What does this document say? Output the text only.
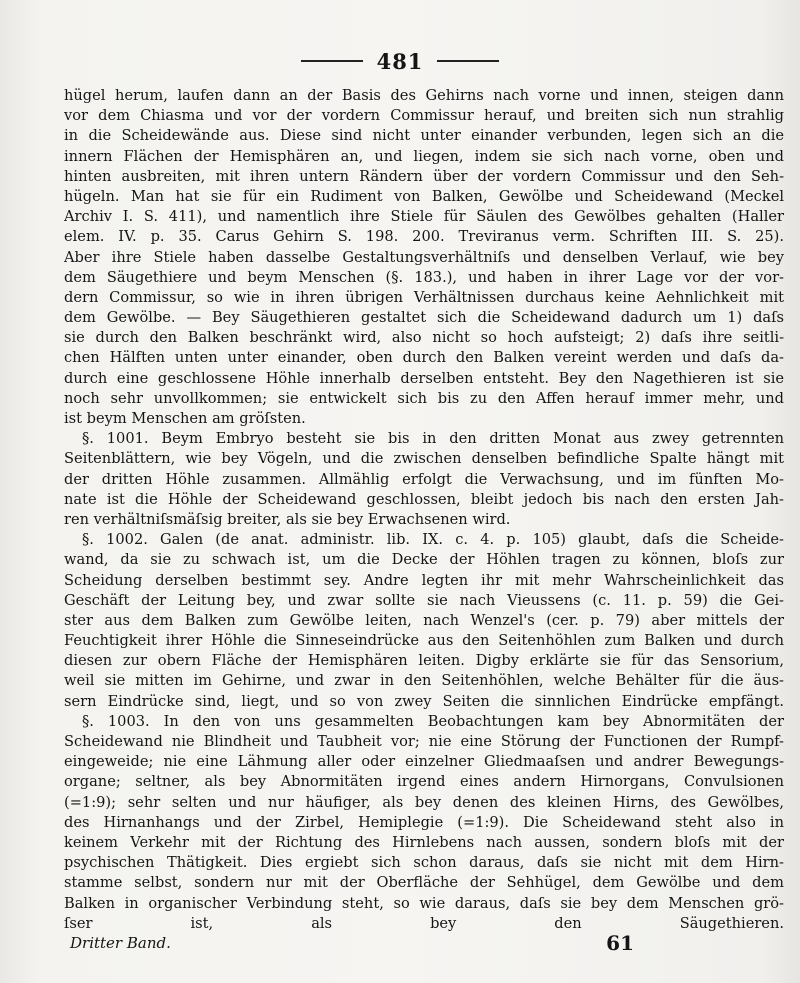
481
hügel herum, laufen dann an der Basis des Gehirns nach vorne und innen, steigen dann
vor dem Chiasma und vor der vordern Commissur herauf, und breiten sich nun strahlig
in die Scheidewände aus. Diese sind nicht unter einander verbunden, legen sich an die
innern Flächen der Hemisphären an, und liegen, indem sie sich nach vorne, oben und
hinten ausbreiten, mit ihren untern Rändern über der vordern Commissur und den Seh-
hügeln. Man hat sie für ein Rudiment von Balken, Gewölbe und Scheidewand (Meckel
Archiv I. S. 411), und namentlich ihre Stiele für Säulen des Gewölbes gehalten (Haller
elem. IV. p. 35. Carus Gehirn S. 198. 200. Treviranus verm. Schriften III. S. 25).
Aber ihre Stiele haben dasselbe Gestaltungsverhältniſs und denselben Verlauf, wie bey
dem Säugethiere und beym Menschen (§. 183.), und haben in ihrer Lage vor der vor-
dern Commissur, so wie in ihren übrigen Verhältnissen durchaus keine Aehnlichkeit mit
dem Gewölbe. — Bey Säugethieren gestaltet sich die Scheidewand dadurch um 1) daſs
sie durch den Balken beschränkt wird, also nicht so hoch aufsteigt; 2) daſs ihre seitli-
chen Hälften unten unter einander, oben durch den Balken vereint werden und daſs da-
durch eine geschlossene Höhle innerhalb derselben entsteht. Bey den Nagethieren ist sie
noch sehr unvollkommen; sie entwickelt sich bis zu den Affen herauf immer mehr, und
ist beym Menschen am gröſsten.
§. 1001. Beym Embryo besteht sie bis in den dritten Monat aus zwey getrennten
Seitenblättern, wie bey Vögeln, und die zwischen denselben befindliche Spalte hängt mit
der dritten Höhle zusammen. Allmählig erfolgt die Verwachsung, und im fünften Mo-
nate ist die Höhle der Scheidewand geschlossen, bleibt jedoch bis nach den ersten Jah-
ren verhältniſsmäſsig breiter, als sie bey Erwachsenen wird.
§. 1002. Galen (de anat. administr. lib. IX. c. 4. p. 105) glaubt, daſs die Scheide-
wand, da sie zu schwach ist, um die Decke der Höhlen tragen zu können, bloſs zur
Scheidung derselben bestimmt sey. Andre legten ihr mit mehr Wahrscheinlichkeit das
Geschäft der Leitung bey, und zwar sollte sie nach Vieussens (c. 11. p. 59) die Gei-
ster aus dem Balken zum Gewölbe leiten, nach Wenzel's (cer. p. 79) aber mittels der
Feuchtigkeit ihrer Höhle die Sinneseindrücke aus den Seitenhöhlen zum Balken und durch
diesen zur obern Fläche der Hemisphären leiten. Digby erklärte sie für das Sensorium,
weil sie mitten im Gehirne, und zwar in den Seitenhöhlen, welche Behälter für die äus-
sern Eindrücke sind, liegt, und so von zwey Seiten die sinnlichen Eindrücke empfängt.
§. 1003. In den von uns gesammelten Beobachtungen kam bey Abnormitäten der
Scheidewand nie Blindheit und Taubheit vor; nie eine Störung der Functionen der Rumpf-
eingeweide; nie eine Lähmung aller oder einzelner Gliedmaaſsen und andrer Bewegungs-
organe; seltner, als bey Abnormitäten irgend eines andern Hirnorgans, Convulsionen
(=1:9); sehr selten und nur häufiger, als bey denen des kleinen Hirns, des Gewölbes,
des Hirnanhangs und der Zirbel, Hemiplegie (=1:9). Die Scheidewand steht also in
keinem Verkehr mit der Richtung des Hirnlebens nach aussen, sondern bloſs mit der
psychischen Thätigkeit. Dies ergiebt sich schon daraus, daſs sie nicht mit dem Hirn-
stamme selbst, sondern nur mit der Oberfläche der Sehhügel, dem Gewölbe und dem
Balken in organischer Verbindung steht, so wie daraus, daſs sie bey dem Menschen grö-
ſser ist, als bey den Säugethieren.
Dritter Band.	61
